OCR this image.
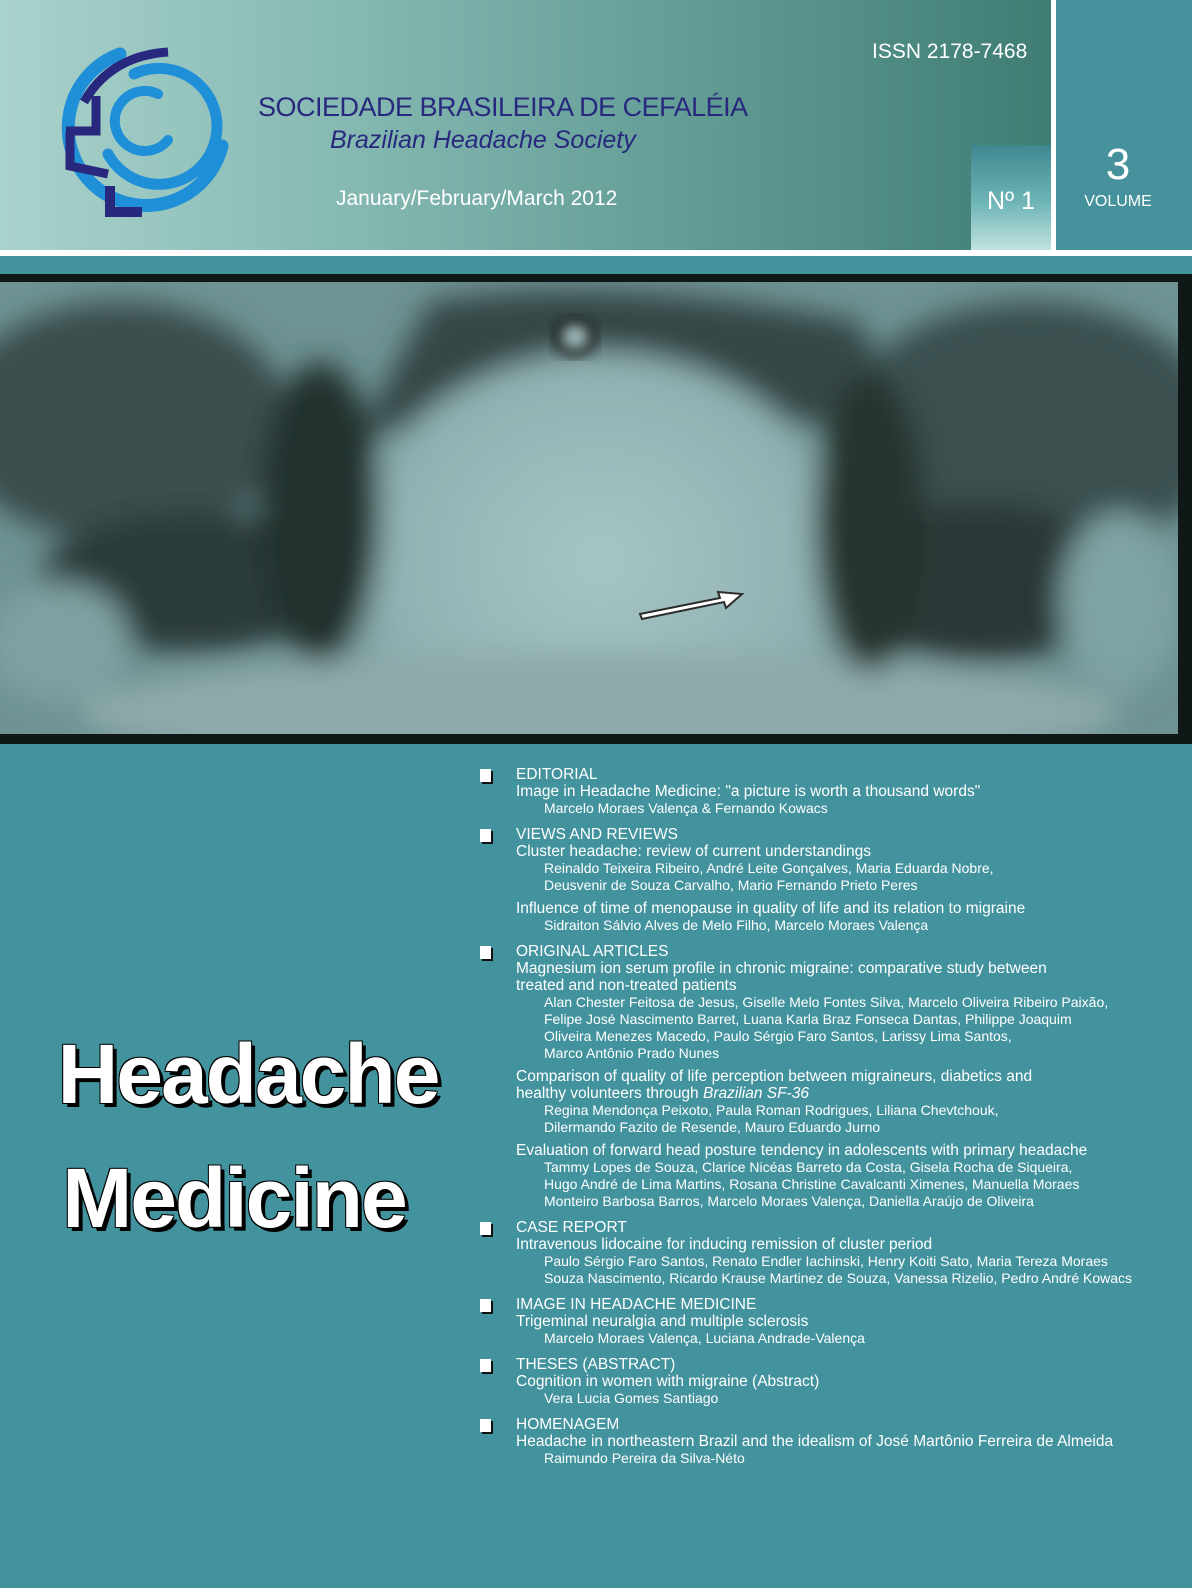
SOCIEDADE BRASILEIRA DE CEFALÉIA
Brazilian Headache Society
January/February/March 2012
ISSN 2178-7468
Nº 1
3
VOLUME
Headache
Medicine
EDITORIAL
Image in Headache Medicine: "a picture is worth a thousand words"
Marcelo Moraes Valença & Fernando Kowacs
VIEWS AND REVIEWS
Cluster headache: review of current understandings
Reinaldo Teixeira Ribeiro, André Leite Gonçalves, Maria Eduarda Nobre,
Deusvenir de Souza Carvalho, Mario Fernando Prieto Peres
Influence of time of menopause in quality of life and its relation to migraine
Sidraiton Sálvio Alves de Melo Filho, Marcelo Moraes Valença
ORIGINAL ARTICLES
Magnesium ion serum profile in chronic migraine: comparative study between
treated and non-treated patients
Alan Chester Feitosa de Jesus, Giselle Melo Fontes Silva, Marcelo Oliveira Ribeiro Paixão,
Felipe José Nascimento Barret, Luana Karla Braz Fonseca Dantas, Philippe Joaquim
Oliveira Menezes Macedo, Paulo Sérgio Faro Santos, Larissy Lima Santos,
Marco Antônio Prado Nunes
Comparison of quality of life perception between migraineurs, diabetics and
healthy volunteers through Brazilian SF-36
Regina Mendonça Peixoto, Paula Roman Rodrigues, Liliana Chevtchouk,
Dilermando Fazito de Resende, Mauro Eduardo Jurno
Evaluation of forward head posture tendency in adolescents with primary headache
Tammy Lopes de Souza, Clarice Nicéas Barreto da Costa, Gisela Rocha de Siqueira,
Hugo André de Lima Martins, Rosana Christine Cavalcanti Ximenes, Manuella Moraes
Monteiro Barbosa Barros, Marcelo Moraes Valença, Daniella Araújo de Oliveira
CASE REPORT
Intravenous lidocaine for inducing remission of cluster period
Paulo Sérgio Faro Santos, Renato Endler Iachinski, Henry Koiti Sato, Maria Tereza Moraes
Souza Nascimento, Ricardo Krause Martinez de Souza, Vanessa Rizelio, Pedro André Kowacs
IMAGE IN HEADACHE MEDICINE
Trigeminal neuralgia and multiple sclerosis
Marcelo Moraes Valença, Luciana Andrade-Valença
THESES (ABSTRACT)
Cognition in women with migraine (Abstract)
Vera Lucia Gomes Santiago
HOMENAGEM
Headache in northeastern Brazil and the idealism of José Martônio Ferreira de Almeida
Raimundo Pereira da Silva-Néto
